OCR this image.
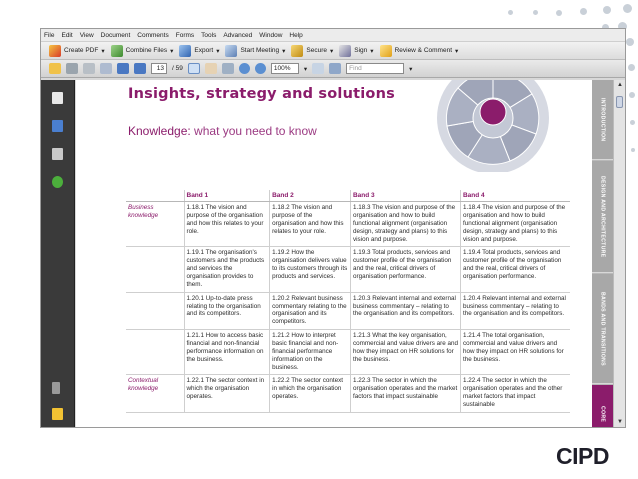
File Edit View Document Comments Forms Tools Advanced Window Help
Create PDF ▾	Combine Files ▾	Export ▾	Start Meeting ▾	Secure ▾	Sign ▾	Review & Comment ▾
13	/ 59	100%	▾	Find	▾
Insights, strategy and solutions
Knowledge: what you need to know
	Band 1	Band 2	Band 3	Band 4
Business knowledge	1.18.1 The vision and purpose of the organisation and how this relates to your role.	1.18.2 The vision and purpose of the organisation and how this relates to your role.	1.18.3 The vision and purpose of the organisation and how to build functional alignment (organisation design, strategy and plans) to this vision and purpose.	1.18.4 The vision and purpose of the organisation and how to build functional alignment (organisation design, strategy and plans) to this vision and purpose.
	1.19.1 The organisation's customers and the products and services the organisation provides to them.	1.19.2 How the organisation delivers value to its customers through its products and services.	1.19.3 Total products, services and customer profile of the organisation and the real, critical drivers of organisation performance.	1.19.4 Total products, services and customer profile of the organisation and the real, critical drivers of organisation performance.
	1.20.1 Up-to-date press relating to the organisation and its competitors.	1.20.2 Relevant business commentary relating to the organisation and its competitors.	1.20.3 Relevant internal and external business commentary – relating to the organisation and its competitors.	1.20.4 Relevant internal and external business commentary – relating to the organisation and its competitors.
	1.21.1 How to access basic financial and non-financial performance information on the business.	1.21.2 How to interpret basic financial and non-financial performance information on the business.	1.21.3 What the key organisation, commercial and value drivers are and how they impact on HR solutions for the business.	1.21.4 The total organisation, commercial and value drivers and how they impact on HR solutions for the business.
Contextual knowledge	1.22.1 The sector context in which the organisation operates.	1.22.2 The sector context in which the organisation operates.	1.22.3 The sector in which the organisation operates and the market factors that impact sustainable	1.22.4 The sector in which the organisation operates and the other market factors that impact sustainable
INTRODUCTION
DESIGN AND ARCHITECTURE
BANDS AND TRANSITIONS
CORE
▲
▼
CIPD
